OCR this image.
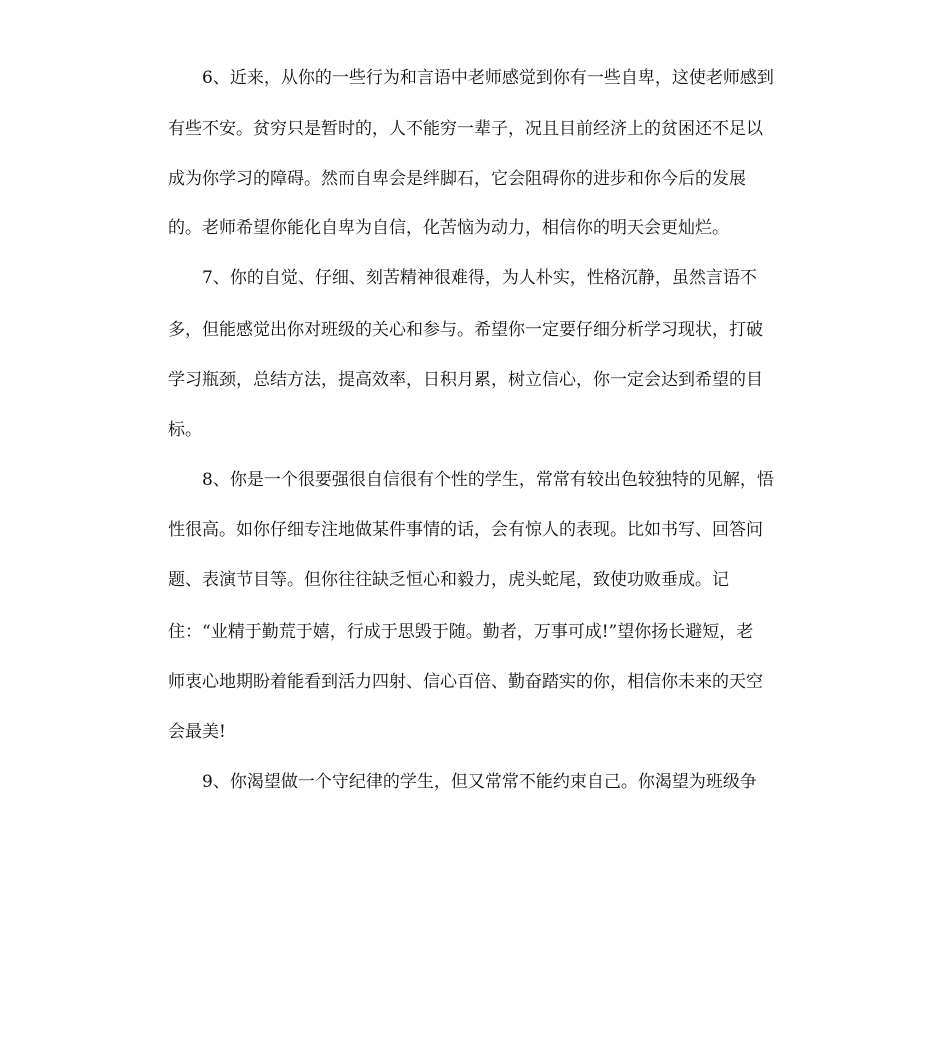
6、近来，从你的一些行为和言语中老师感觉到你有一些自卑，这使老师感到
有些不安。贫穷只是暂时的，人不能穷一辈子，况且目前经济上的贫困还不足以
成为你学习的障碍。然而自卑会是绊脚石，它会阻碍你的进步和你今后的发展
的。老师希望你能化自卑为自信，化苦恼为动力，相信你的明天会更灿烂。
7、你的自觉、仔细、刻苦精神很难得，为人朴实，性格沉静，虽然言语不
多，但能感觉出你对班级的关心和参与。希望你一定要仔细分析学习现状，打破
学习瓶颈，总结方法，提高效率，日积月累，树立信心，你一定会达到希望的目
标。
8、你是一个很要强很自信很有个性的学生，常常有较出色较独特的见解，悟
性很高。如你仔细专注地做某件事情的话，会有惊人的表现。比如书写、回答问
题、表演节目等。但你往往缺乏恒心和毅力，虎头蛇尾，致使功败垂成。记
住：“业精于勤荒于嬉，行成于思毁于随。勤者，万事可成!”望你扬长避短，老
师衷心地期盼着能看到活力四射、信心百倍、勤奋踏实的你，相信你未来的天空
会最美!
9、你渴望做一个守纪律的学生，但又常常不能约束自己。你渴望为班级争
